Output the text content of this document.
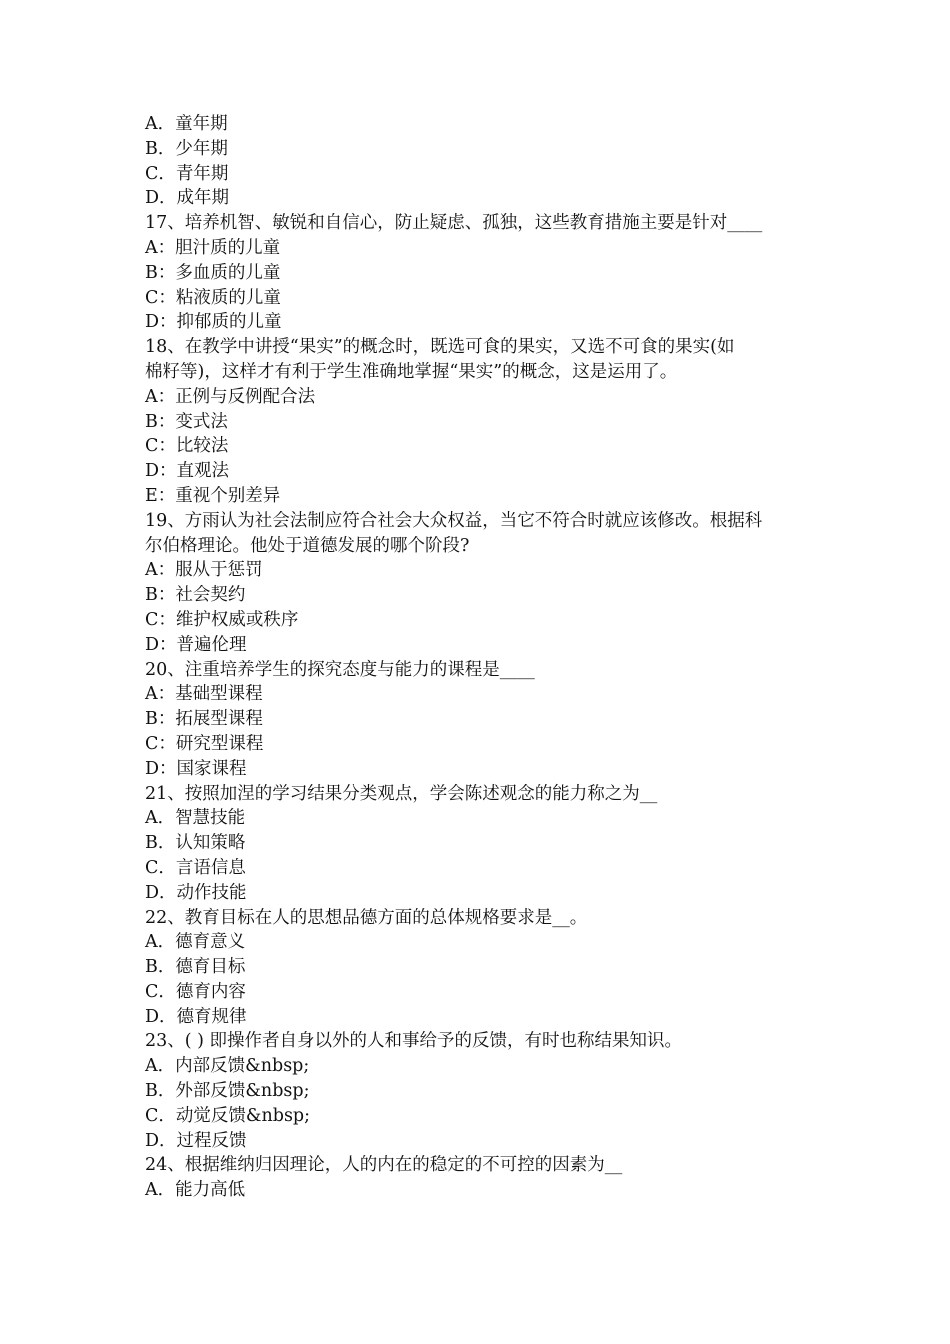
A．童年期
B．少年期
C．青年期
D．成年期
17、培养机智、敏锐和自信心，防止疑虑、孤独，这些教育措施主要是针对____
A：胆汁质的儿童
B：多血质的儿童
C：粘液质的儿童
D：抑郁质的儿童
18、在教学中讲授“果实”的概念时，既选可食的果实，又选不可食的果实(如
棉籽等)，这样才有利于学生准确地掌握“果实”的概念，这是运用了。
A：正例与反例配合法
B：变式法
C：比较法
D：直观法
E：重视个别差异
19、方雨认为社会法制应符合社会大众权益，当它不符合时就应该修改。根据科
尔伯格理论。他处于道德发展的哪个阶段?
A：服从于惩罚
B：社会契约
C：维护权威或秩序
D：普遍伦理
20、注重培养学生的探究态度与能力的课程是____
A：基础型课程
B：拓展型课程
C：研究型课程
D：国家课程
21、按照加涅的学习结果分类观点，学会陈述观念的能力称之为__
A．智慧技能
B．认知策略
C．言语信息
D．动作技能
22、教育目标在人的思想品德方面的总体规格要求是__。
A．德育意义
B．德育目标
C．德育内容
D．德育规律
23、( ) 即操作者自身以外的人和事给予的反馈，有时也称结果知识。
A．内部反馈&nbsp;
B．外部反馈&nbsp;
C．动觉反馈&nbsp;
D．过程反馈
24、根据维纳归因理论，人的内在的稳定的不可控的因素为__
A．能力高低
